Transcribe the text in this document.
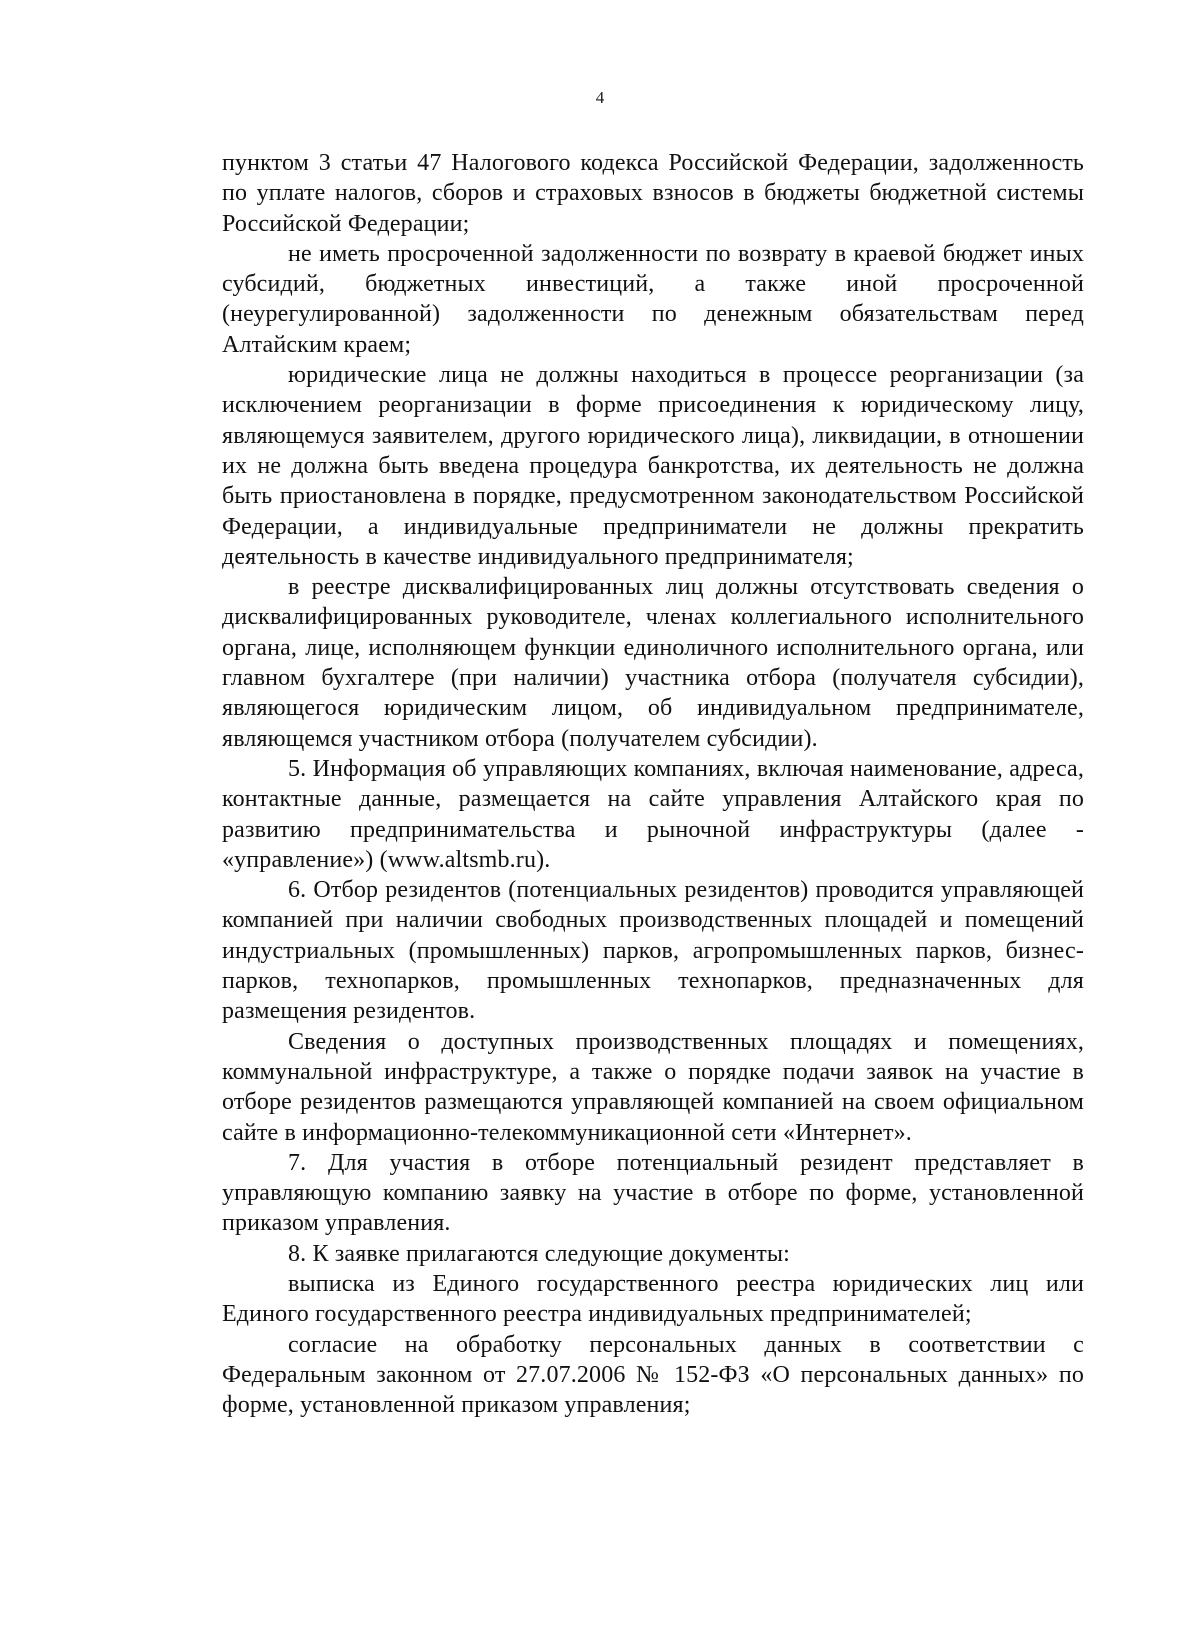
4

пунктом 3 статьи 47 Налогового кодекса Российской Федерации, задолженность по уплате налогов, сборов и страховых взносов в бюджеты бюджетной системы Российской Федерации;

не иметь просроченной задолженности по возврату в краевой бюджет иных субсидий, бюджетных инвестиций, а также иной просроченной (неурегулированной) задолженности по денежным обязательствам перед Алтайским краем;

юридические лица не должны находиться в процессе реорганизации (за исключением реорганизации в форме присоединения к юридическому лицу, являющемуся заявителем, другого юридического лица), ликвидации, в отношении их не должна быть введена процедура банкротства, их деятельность не должна быть приостановлена в порядке, предусмотренном законодательством Российской Федерации, а индивидуальные предприниматели не должны прекратить деятельность в качестве индивидуального предпринимателя;

в реестре дисквалифицированных лиц должны отсутствовать сведения о дисквалифицированных руководителе, членах коллегиального исполнительного органа, лице, исполняющем функции единоличного исполнительного органа, или главном бухгалтере (при наличии) участника отбора (получателя субсидии), являющегося юридическим лицом, об индивидуальном предпринимателе, являющемся участником отбора (получателем субсидии).

5. Информация об управляющих компаниях, включая наименование, адреса, контактные данные, размещается на сайте управления Алтайского края по развитию предпринимательства и рыночной инфраструктуры (далее - «управление») (www.altsmb.ru).

6. Отбор резидентов (потенциальных резидентов) проводится управляющей компанией при наличии свободных производственных площадей и помещений индустриальных (промышленных) парков, агропромышленных парков, бизнес-парков, технопарков, промышленных технопарков, предназначенных для размещения резидентов.

Сведения о доступных производственных площадях и помещениях, коммунальной инфраструктуре, а также о порядке подачи заявок на участие в отборе резидентов размещаются управляющей компанией на своем официальном сайте в информационно-телекоммуникационной сети «Интернет».

7. Для участия в отборе потенциальный резидент представляет в управляющую компанию заявку на участие в отборе по форме, установленной приказом управления.

8. К заявке прилагаются следующие документы:

выписка из Единого государственного реестра юридических лиц или Единого государственного реестра индивидуальных предпринимателей;

согласие на обработку персональных данных в соответствии с Федеральным законном от 27.07.2006 № 152-ФЗ «О персональных данных» по форме, установленной приказом управления;
